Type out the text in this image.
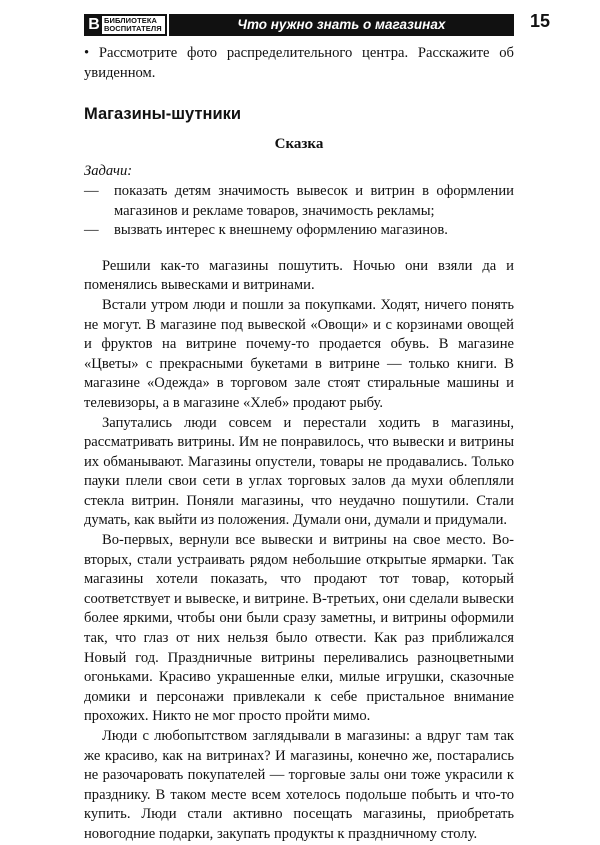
В БИБЛИОТЕКА
ВОСПИТАТЕЛЯ	Что нужно знать о магазинах	15

• Рассмотрите фото распределительного центра. Расскажите об увиденном.

Магазины-шутники
Сказка
Задачи:

— показать детям значимость вывесок и витрин в оформлении магазинов и рекламе товаров, значимость рекламы;

— вызвать интерес к внешнему оформлению магазинов.

Решили как-то магазины пошутить. Ночью они взяли да и поменялись вывесками и витринами.

Встали утром люди и пошли за покупками. Ходят, ничего понять не могут. В магазине под вывеской «Овощи» и с корзинами овощей и фруктов на витрине почему-то продается обувь. В магазине «Цветы» с прекрасными букетами в витрине — только книги. В магазине «Одежда» в торговом зале стоят стиральные машины и телевизоры, а в магазине «Хлеб» продают рыбу.

Запутались люди совсем и перестали ходить в магазины, рассматривать витрины. Им не понравилось, что вывески и витрины их обманывают. Магазины опустели, товары не продавались. Только пауки плели свои сети в углах торговых залов да мухи облепляли стекла витрин. Поняли магазины, что неудачно пошутили. Стали думать, как выйти из положения. Думали они, думали и придумали.

Во-первых, вернули все вывески и витрины на свое место. Во-вторых, стали устраивать рядом небольшие открытые ярмарки. Так магазины хотели показать, что продают тот товар, который соответствует и вывеске, и витрине. В-третьих, они сделали вывески более яркими, чтобы они были сразу заметны, и витрины оформили так, что глаз от них нельзя было отвести. Как раз приближался Новый год. Праздничные витрины переливались разноцветными огоньками. Красиво украшенные елки, милые игрушки, сказочные домики и персонажи привлекали к себе пристальное внимание прохожих. Никто не мог просто пройти мимо.

Люди с любопытством заглядывали в магазины: а вдруг там так же красиво, как на витринах? И магазины, конечно же, постарались не разочаровать покупателей — торговые залы они тоже украсили к празднику. В таком месте всем хотелось подольше побыть и что-то купить. Люди стали активно посещать магазины, приобретать новогодние подарки, закупать продукты к праздничному столу.
